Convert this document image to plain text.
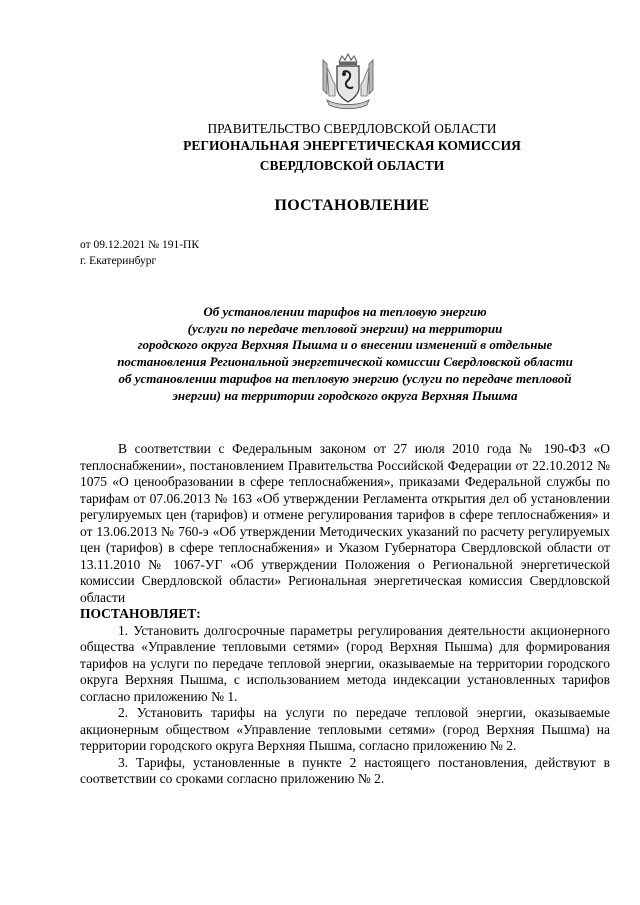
ПРАВИТЕЛЬСТВО СВЕРДЛОВСКОЙ ОБЛАСТИ
РЕГИОНАЛЬНАЯ ЭНЕРГЕТИЧЕСКАЯ КОМИССИЯ
СВЕРДЛОВСКОЙ ОБЛАСТИ
ПОСТАНОВЛЕНИЕ
от 09.12.2021 № 191-ПК
г. Екатеринбург
Об установлении тарифов на тепловую энергию
(услуги по передаче тепловой энергии) на территории
городского округа Верхняя Пышма и о внесении изменений в отдельные
постановления Региональной энергетической комиссии Свердловской области
об установлении тарифов на тепловую энергию (услуги по передаче тепловой
энергии) на территории городского округа Верхняя Пышма

В соответствии с Федеральным законом от 27 июля 2010 года № 190-ФЗ «О теплоснабжении», постановлением Правительства Российской Федерации от 22.10.2012 № 1075 «О ценообразовании в сфере теплоснабжения», приказами Федеральной службы по тарифам от 07.06.2013 № 163 «Об утверждении Регламента открытия дел об установлении регулируемых цен (тарифов) и отмене регулирования тарифов в сфере теплоснабжения» и от 13.06.2013 № 760-э «Об утверждении Методических указаний по расчету регулируемых цен (тарифов) в сфере теплоснабжения» и Указом Губернатора Свердловской области от 13.11.2010 № 1067-УГ «Об утверждении Положения о Региональной энергетической комиссии Свердловской области» Региональная энергетическая комиссия Свердловской области

ПОСТАНОВЛЯЕТ:

1. Установить долгосрочные параметры регулирования деятельности акционерного общества «Управление тепловыми сетями» (город Верхняя Пышма) для формирования тарифов на услуги по передаче тепловой энергии, оказываемые на территории городского округа Верхняя Пышма, с использованием метода индексации установленных тарифов согласно приложению № 1.

2. Установить тарифы на услуги по передаче тепловой энергии, оказываемые акционерным обществом «Управление тепловыми сетями» (город Верхняя Пышма) на территории городского округа Верхняя Пышма, согласно приложению № 2.

3. Тарифы, установленные в пункте 2 настоящего постановления, действуют в соответствии со сроками согласно приложению № 2.
